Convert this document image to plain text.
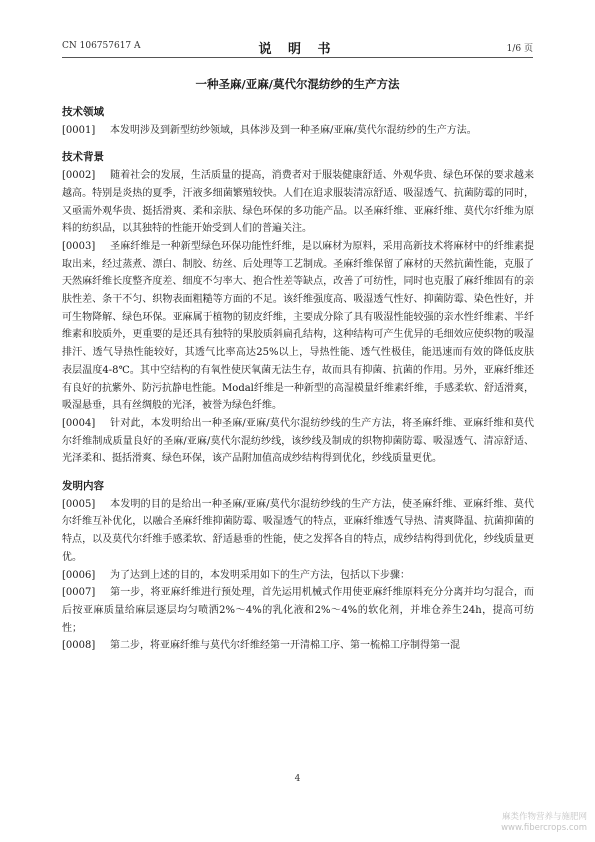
CN 106757617 A	说 明 书	1/6 页
一种圣麻/亚麻/莫代尔混纺纱的生产方法
技术领域
[0001] 本发明涉及到新型纺纱领域，具体涉及到一种圣麻/亚麻/莫代尔混纺纱的生产方法。
技术背景
[0002] 随着社会的发展，生活质量的提高，消费者对于服装健康舒适、外观华贵、绿色环保的要求越来越高。特别是炎热的夏季，汗液多细菌繁殖较快。人们在追求服装清凉舒适、吸湿透气、抗菌防霉的同时，又亟需外观华贵、挺括滑爽、柔和亲肤、绿色环保的多功能产品。以圣麻纤维、亚麻纤维、莫代尔纤维为原料的纺织品，以其独特的性能开始受到人们的普遍关注。
[0003] 圣麻纤维是一种新型绿色环保功能性纤维，是以麻材为原料，采用高新技术将麻材中的纤维素提取出来，经过蒸煮、漂白、制胶、纺丝、后处理等工艺制成。圣麻纤维保留了麻材的天然抗菌性能，克服了天然麻纤维长度整齐度差、细度不匀率大、抱合性差等缺点，改善了可纺性，同时也克服了麻纤维固有的亲肤性差、条干不匀、织物表面粗糙等方面的不足。该纤维强度高、吸湿透气性好、抑菌防霉、染色性好，并可生物降解、绿色环保。亚麻属于植物的韧皮纤维，主要成分除了具有吸湿性能较强的亲水性纤维素、半纤维素和胶质外，更重要的是还具有独特的果胶质斜扁孔结构，这种结构可产生优异的毛细效应使织物的吸湿排汗、透气导热性能较好，其透气比率高达25%以上，导热性能、透气性极佳，能迅速而有效的降低皮肤表层温度4-8℃。其中空结构的有氧性使厌氧菌无法生存，故而具有抑菌、抗菌的作用。另外，亚麻纤维还有良好的抗紫外、防污抗静电性能。Modal纤维是一种新型的高湿模量纤维素纤维，手感柔软、舒适滑爽，吸湿悬垂，具有丝绸般的光泽，被誉为绿色纤维。
[0004] 针对此，本发明给出一种圣麻/亚麻/莫代尔混纺纱线的生产方法，将圣麻纤维、亚麻纤维和莫代尔纤维制成质量良好的圣麻/亚麻/莫代尔混纺纱线，该纱线及制成的织物抑菌防霉、吸湿透气、清凉舒适、光泽柔和、挺括滑爽、绿色环保，该产品附加值高成纱结构得到优化，纱线质量更优。
发明内容
[0005] 本发明的目的是给出一种圣麻/亚麻/莫代尔混纺纱线的生产方法，使圣麻纤维、亚麻纤维、莫代尔纤维互补优化，以融合圣麻纤维抑菌防霉、吸湿透气的特点，亚麻纤维透气导热、清爽降温、抗菌抑菌的特点，以及莫代尔纤维手感柔软、舒适悬垂的性能，使之发挥各自的特点，成纱结构得到优化，纱线质量更优。
[0006] 为了达到上述的目的，本发明采用如下的生产方法，包括以下步骤：
[0007] 第一步，将亚麻纤维进行预处理，首先运用机械式作用使亚麻纤维原料充分分离并均匀混合，而后按亚麻质量给麻层逐层均匀喷洒2%～4%的乳化液和2%～4%的软化剂，并堆仓养生24h，提高可纺性；
[0008] 第二步，将亚麻纤维与莫代尔纤维经第一开清棉工序、第一梳棉工序制得第一混
4
麻类作物营养与施肥网
www.fibercrops.com
